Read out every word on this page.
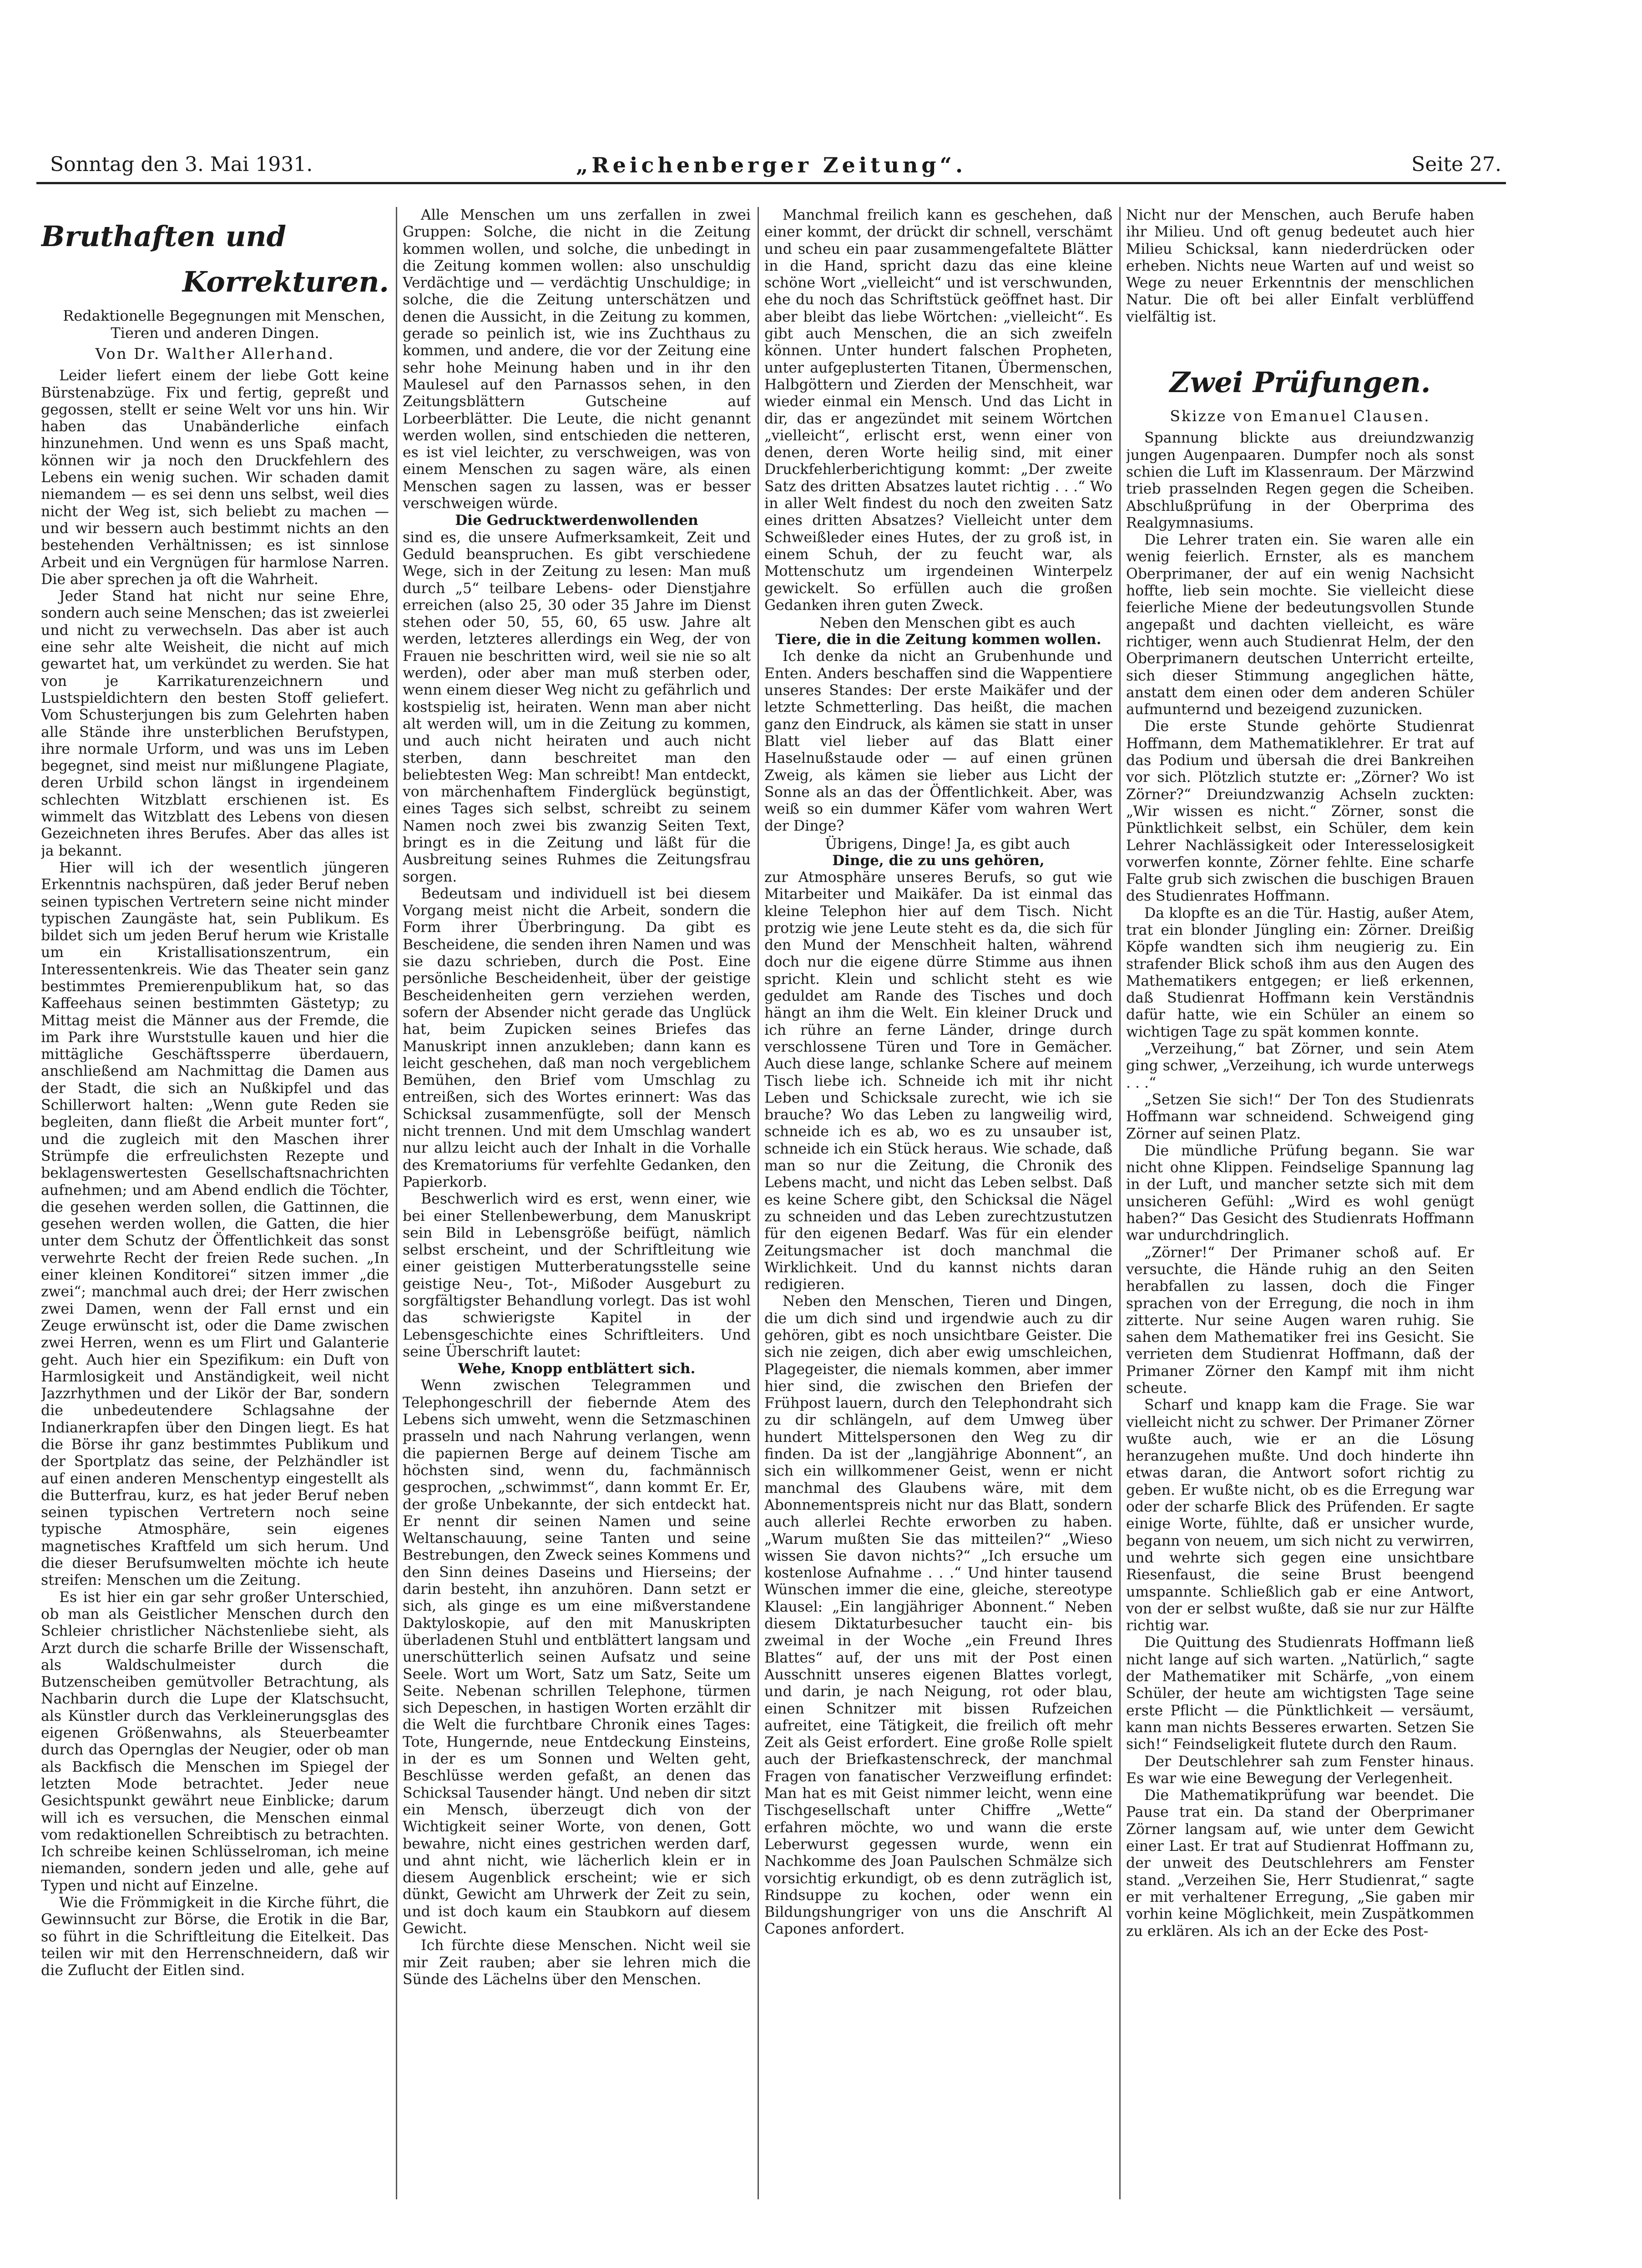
Sonntag den 3. Mai 1931.	„Reichenberger Zeitung“.	Seite 27.
Bruthaften und
Korrekturen.

Redaktionelle Begegnungen mit Menschen, Tieren und anderen Dingen.

Von Dr. Walther Allerhand.

Leider liefert einem der liebe Gott keine Bürstenabzüge. Fix und fertig, gepreßt und gegossen, stellt er seine Welt vor uns hin. Wir haben das Unabänderliche einfach hinzunehmen. Und wenn es uns Spaß macht, können wir ja noch den Druckfehlern des Lebens ein wenig suchen. Wir schaden damit niemandem — es sei denn uns selbst, weil dies nicht der Weg ist, sich beliebt zu machen — und wir bessern auch bestimmt nichts an den bestehenden Verhältnissen; es ist sinnlose Arbeit und ein Vergnügen für harmlose Narren. Die aber sprechen ja oft die Wahrheit.

Jeder Stand hat nicht nur seine Ehre, sondern auch seine Menschen; das ist zweierlei und nicht zu verwechseln. Das aber ist auch eine sehr alte Weisheit, die nicht auf mich gewartet hat, um verkündet zu werden. Sie hat von je Karrikaturenzeichnern und Lustspieldichtern den besten Stoff geliefert. Vom Schusterjungen bis zum Gelehrten haben alle Stände ihre unsterblichen Berufstypen, ihre normale Urform, und was uns im Leben begegnet, sind meist nur mißlungene Plagiate, deren Urbild schon längst in irgendeinem schlechten Witzblatt erschienen ist. Es wimmelt das Witzblatt des Lebens von diesen Gezeichneten ihres Berufes. Aber das alles ist ja bekannt.

Hier will ich der wesentlich jüngeren Erkenntnis nachspüren, daß jeder Beruf neben seinen typischen Vertretern seine nicht minder typischen Zaungäste hat, sein Publikum. Es bildet sich um jeden Beruf herum wie Kristalle um ein Kristallisationszentrum, ein Interessentenkreis. Wie das Theater sein ganz bestimmtes Premierenpublikum hat, so das Kaffeehaus seinen bestimmten Gästetyp; zu Mittag meist die Männer aus der Fremde, die im Park ihre Wurststulle kauen und hier die mittägliche Geschäftssperre überdauern, anschließend am Nachmittag die Damen aus der Stadt, die sich an Nußkipfel und das Schillerwort halten: „Wenn gute Reden sie begleiten, dann fließt die Arbeit munter fort“, und die zugleich mit den Maschen ihrer Strümpfe die erfreulichsten Rezepte und beklagenswertesten Gesellschaftsnachrichten aufnehmen; und am Abend endlich die Töchter, die gesehen werden sollen, die Gattinnen, die gesehen werden wollen, die Gatten, die hier unter dem Schutz der Öffentlichkeit das sonst verwehrte Recht der freien Rede suchen. „In einer kleinen Konditorei“ sitzen immer „die zwei“; manchmal auch drei; der Herr zwischen zwei Damen, wenn der Fall ernst und ein Zeuge erwünscht ist, oder die Dame zwischen zwei Herren, wenn es um Flirt und Galanterie geht. Auch hier ein Spezifikum: ein Duft von Harmlosigkeit und Anständigkeit, weil nicht Jazzrhythmen und der Likör der Bar, sondern die unbedeutendere Schlagsahne der Indianerkrapfen über den Dingen liegt. Es hat die Börse ihr ganz bestimmtes Publikum und der Sportplatz das seine, der Pelzhändler ist auf einen anderen Menschentyp eingestellt als die Butterfrau, kurz, es hat jeder Beruf neben seinen typischen Vertretern noch seine typische Atmosphäre, sein eigenes magnetisches Kraftfeld um sich herum. Und die dieser Berufsumwelten möchte ich heute streifen: Menschen um die Zeitung.

Es ist hier ein gar sehr großer Unterschied, ob man als Geistlicher Menschen durch den Schleier christlicher Nächstenliebe sieht, als Arzt durch die scharfe Brille der Wissenschaft, als Waldschulmeister durch die Butzenscheiben gemütvoller Betrachtung, als Nachbarin durch die Lupe der Klatschsucht, als Künstler durch das Verkleinerungsglas des eigenen Größenwahns, als Steuerbeamter durch das Opernglas der Neugier, oder ob man als Backfisch die Menschen im Spiegel der letzten Mode betrachtet. Jeder neue Gesichtspunkt gewährt neue Einblicke; darum will ich es versuchen, die Menschen einmal vom redaktionellen Schreibtisch zu betrachten. Ich schreibe keinen Schlüsselroman, ich meine niemanden, sondern jeden und alle, gehe auf Typen und nicht auf Einzelne.

Wie die Frömmigkeit in die Kirche führt, die Gewinnsucht zur Börse, die Erotik in die Bar, so führt in die Schriftleitung die Eitelkeit. Das teilen wir mit den Herrenschneidern, daß wir die Zuflucht der Eitlen sind.

Alle Menschen um uns zerfallen in zwei Gruppen: Solche, die nicht in die Zeitung kommen wollen, und solche, die unbedingt in die Zeitung kommen wollen: also unschuldig Verdächtige und — verdächtig Unschuldige; in solche, die die Zeitung unterschätzen und denen die Aussicht, in die Zeitung zu kommen, gerade so peinlich ist, wie ins Zuchthaus zu kommen, und andere, die vor der Zeitung eine sehr hohe Meinung haben und in ihr den Maulesel auf den Parnassos sehen, in den Zeitungsblättern Gutscheine auf Lorbeerblätter. Die Leute, die nicht genannt werden wollen, sind entschieden die netteren, es ist viel leichter, zu verschweigen, was von einem Menschen zu sagen wäre, als einen Menschen sagen zu lassen, was er besser verschweigen würde.

Die Gedrucktwerdenwollenden

sind es, die unsere Aufmerksamkeit, Zeit und Geduld beanspruchen. Es gibt verschiedene Wege, sich in der Zeitung zu lesen: Man muß durch „5“ teilbare Lebens- oder Dienstjahre erreichen (also 25, 30 oder 35 Jahre im Dienst stehen oder 50, 55, 60, 65 usw. Jahre alt werden, letzteres allerdings ein Weg, der von Frauen nie beschritten wird, weil sie nie so alt werden), oder aber man muß sterben oder, wenn einem dieser Weg nicht zu gefährlich und kostspielig ist, heiraten. Wenn man aber nicht alt werden will, um in die Zeitung zu kommen, und auch nicht heiraten und auch nicht sterben, dann beschreitet man den beliebtesten Weg: Man schreibt! Man entdeckt, von märchenhaftem Finderglück begünstigt, eines Tages sich selbst, schreibt zu seinem Namen noch zwei bis zwanzig Seiten Text, bringt es in die Zeitung und läßt für die Ausbreitung seines Ruhmes die Zeitungsfrau sorgen.

Bedeutsam und individuell ist bei diesem Vorgang meist nicht die Arbeit, sondern die Form ihrer Überbringung. Da gibt es Bescheidene, die senden ihren Namen und was sie dazu schrieben, durch die Post. Eine persönliche Bescheidenheit, über der geistige Bescheidenheiten gern verziehen werden, sofern der Absender nicht gerade das Unglück hat, beim Zupicken seines Briefes das Manuskript innen anzukleben; dann kann es leicht geschehen, daß man noch vergeblichem Bemühen, den Brief vom Umschlag zu entreißen, sich des Wortes erinnert: Was das Schicksal zusammenfügte, soll der Mensch nicht trennen. Und mit dem Umschlag wandert nur allzu leicht auch der Inhalt in die Vorhalle des Krematoriums für verfehlte Gedanken, den Papierkorb.

Beschwerlich wird es erst, wenn einer, wie bei einer Stellenbewerbung, dem Manuskript sein Bild in Lebensgröße beifügt, nämlich selbst erscheint, und der Schriftleitung wie einer geistigen Mutterberatungsstelle seine geistige Neu-, Tot-, Mißoder Ausgeburt zu sorgfältigster Behandlung vorlegt. Das ist wohl das schwierigste Kapitel in der Lebensgeschichte eines Schriftleiters. Und seine Überschrift lautet:

Wehe, Knopp entblättert sich.

Wenn zwischen Telegrammen und Telephongeschrill der fiebernde Atem des Lebens sich umweht, wenn die Setzmaschinen prasseln und nach Nahrung verlangen, wenn die papiernen Berge auf deinem Tische am höchsten sind, wenn du, fachmännisch gesprochen, „schwimmst“, dann kommt Er. Er, der große Unbekannte, der sich entdeckt hat. Er nennt dir seinen Namen und seine Weltanschauung, seine Tanten und seine Bestrebungen, den Zweck seines Kommens und den Sinn deines Daseins und Hierseins; der darin besteht, ihn anzuhören. Dann setzt er sich, als ginge es um eine mißverstandene Daktyloskopie, auf den mit Manuskripten überladenen Stuhl und entblättert langsam und unerschütterlich seinen Aufsatz und seine Seele. Wort um Wort, Satz um Satz, Seite um Seite. Nebenan schrillen Telephone, türmen sich Depeschen, in hastigen Worten erzählt dir die Welt die furchtbare Chronik eines Tages: Tote, Hungernde, neue Entdeckung Einsteins, in der es um Sonnen und Welten geht, Beschlüsse werden gefaßt, an denen das Schicksal Tausender hängt. Und neben dir sitzt ein Mensch, überzeugt dich von der Wichtigkeit seiner Worte, von denen, Gott bewahre, nicht eines gestrichen werden darf, und ahnt nicht, wie lächerlich klein er in diesem Augenblick erscheint; wie er sich dünkt, Gewicht am Uhrwerk der Zeit zu sein, und ist doch kaum ein Staubkorn auf diesem Gewicht.

Ich fürchte diese Menschen. Nicht weil sie mir Zeit rauben; aber sie lehren mich die Sünde des Lächelns über den Menschen.

Manchmal freilich kann es geschehen, daß einer kommt, der drückt dir schnell, verschämt und scheu ein paar zusammengefaltete Blätter in die Hand, spricht dazu das eine kleine schöne Wort „vielleicht“ und ist verschwunden, ehe du noch das Schriftstück geöffnet hast. Dir aber bleibt das liebe Wörtchen: „vielleicht“. Es gibt auch Menschen, die an sich zweifeln können. Unter hundert falschen Propheten, unter aufgeplusterten Titanen, Übermenschen, Halbgöttern und Zierden der Menschheit, war wieder einmal ein Mensch. Und das Licht in dir, das er angezündet mit seinem Wörtchen „vielleicht“, erlischt erst, wenn einer von denen, deren Worte heilig sind, mit einer Druckfehlerberichtigung kommt: „Der zweite Satz des dritten Absatzes lautet richtig . . .“ Wo in aller Welt findest du noch den zweiten Satz eines dritten Absatzes? Vielleicht unter dem Schweißleder eines Hutes, der zu groß ist, in einem Schuh, der zu feucht war, als Mottenschutz um irgendeinen Winterpelz gewickelt. So erfüllen auch die großen Gedanken ihren guten Zweck.

Neben den Menschen gibt es auch

Tiere, die in die Zeitung kommen wollen.

Ich denke da nicht an Grubenhunde und Enten. Anders beschaffen sind die Wappentiere unseres Standes: Der erste Maikäfer und der letzte Schmetterling. Das heißt, die machen ganz den Eindruck, als kämen sie statt in unser Blatt viel lieber auf das Blatt einer Haselnußstaude oder — auf einen grünen Zweig, als kämen sie lieber aus Licht der Sonne als an das der Öffentlichkeit. Aber, was weiß so ein dummer Käfer vom wahren Wert der Dinge?

Übrigens, Dinge! Ja, es gibt auch

Dinge, die zu uns gehören,

zur Atmosphäre unseres Berufs, so gut wie Mitarbeiter und Maikäfer. Da ist einmal das kleine Telephon hier auf dem Tisch. Nicht protzig wie jene Leute steht es da, die sich für den Mund der Menschheit halten, während doch nur die eigene dürre Stimme aus ihnen spricht. Klein und schlicht steht es wie geduldet am Rande des Tisches und doch hängt an ihm die Welt. Ein kleiner Druck und ich rühre an ferne Länder, dringe durch verschlossene Türen und Tore in Gemächer. Auch diese lange, schlanke Schere auf meinem Tisch liebe ich. Schneide ich mit ihr nicht Leben und Schicksale zurecht, wie ich sie brauche? Wo das Leben zu langweilig wird, schneide ich es ab, wo es zu unsauber ist, schneide ich ein Stück heraus. Wie schade, daß man so nur die Zeitung, die Chronik des Lebens macht, und nicht das Leben selbst. Daß es keine Schere gibt, den Schicksal die Nägel zu schneiden und das Leben zurechtzustutzen für den eigenen Bedarf. Was für ein elender Zeitungsmacher ist doch manchmal die Wirklichkeit. Und du kannst nichts daran redigieren.

Neben den Menschen, Tieren und Dingen, die um dich sind und irgendwie auch zu dir gehören, gibt es noch unsichtbare Geister. Die sich nie zeigen, dich aber ewig umschleichen, Plagegeister, die niemals kommen, aber immer hier sind, die zwischen den Briefen der Frühpost lauern, durch den Telephondraht sich zu dir schlängeln, auf dem Umweg über hundert Mittelspersonen den Weg zu dir finden. Da ist der „langjährige Abonnent“, an sich ein willkommener Geist, wenn er nicht manchmal des Glaubens wäre, mit dem Abonnementspreis nicht nur das Blatt, sondern auch allerlei Rechte erworben zu haben. „Warum mußten Sie das mitteilen?“ „Wieso wissen Sie davon nichts?“ „Ich ersuche um kostenlose Aufnahme . . .“ Und hinter tausend Wünschen immer die eine, gleiche, stereotype Klausel: „Ein langjähriger Abonnent.“ Neben diesem Diktaturbesucher taucht ein- bis zweimal in der Woche „ein Freund Ihres Blattes“ auf, der uns mit der Post einen Ausschnitt unseres eigenen Blattes vorlegt, und darin, je nach Neigung, rot oder blau, einen Schnitzer mit bissen Rufzeichen aufreitet, eine Tätigkeit, die freilich oft mehr Zeit als Geist erfordert. Eine große Rolle spielt auch der Briefkastenschreck, der manchmal Fragen von fanatischer Verzweiflung erfindet: Man hat es mit Geist nimmer leicht, wenn eine Tischgesellschaft unter Chiffre „Wette“ erfahren möchte, wo und wann die erste Leberwurst gegessen wurde, wenn ein Nachkomme des Joan Paulschen Schmälze sich vorsichtig erkundigt, ob es denn zuträglich ist, Rindsuppe zu kochen, oder wenn ein Bildungshungriger von uns die Anschrift Al Capones anfordert.

Nicht nur der Menschen, auch Berufe haben ihr Milieu. Und oft genug bedeutet auch hier Milieu Schicksal, kann niederdrücken oder erheben. Nichts neue Warten auf und weist so Wege zu neuer Erkenntnis der menschlichen Natur. Die oft bei aller Einfalt verblüffend vielfältig ist.

Zwei Prüfungen.
Skizze von Emanuel Clausen.

Spannung blickte aus dreiundzwanzig jungen Augenpaaren. Dumpfer noch als sonst schien die Luft im Klassenraum. Der Märzwind trieb prasselnden Regen gegen die Scheiben. Abschlußprüfung in der Oberprima des Realgymnasiums.

Die Lehrer traten ein. Sie waren alle ein wenig feierlich. Ernster, als es manchem Oberprimaner, der auf ein wenig Nachsicht hoffte, lieb sein mochte. Sie vielleicht diese feierliche Miene der bedeutungsvollen Stunde angepaßt und dachten vielleicht, es wäre richtiger, wenn auch Studienrat Helm, der den Oberprimanern deutschen Unterricht erteilte, sich dieser Stimmung angeglichen hätte, anstatt dem einen oder dem anderen Schüler aufmunternd und bezeigend zuzunicken.

Die erste Stunde gehörte Studienrat Hoffmann, dem Mathematiklehrer. Er trat auf das Podium und übersah die drei Bankreihen vor sich. Plötzlich stutzte er: „Zörner? Wo ist Zörner?“ Dreiundzwanzig Achseln zuckten: „Wir wissen es nicht.“ Zörner, sonst die Pünktlichkeit selbst, ein Schüler, dem kein Lehrer Nachlässigkeit oder Interesselosigkeit vorwerfen konnte, Zörner fehlte. Eine scharfe Falte grub sich zwischen die buschigen Brauen des Studienrates Hoffmann.

Da klopfte es an die Tür. Hastig, außer Atem, trat ein blonder Jüngling ein: Zörner. Dreißig Köpfe wandten sich ihm neugierig zu. Ein strafender Blick schoß ihm aus den Augen des Mathematikers entgegen; er ließ erkennen, daß Studienrat Hoffmann kein Verständnis dafür hatte, wie ein Schüler an einem so wichtigen Tage zu spät kommen konnte.

„Verzeihung,“ bat Zörner, und sein Atem ging schwer, „Verzeihung, ich wurde unterwegs . . .“

„Setzen Sie sich!“ Der Ton des Studienrats Hoffmann war schneidend. Schweigend ging Zörner auf seinen Platz.

Die mündliche Prüfung begann. Sie war nicht ohne Klippen. Feindselige Spannung lag in der Luft, und mancher setzte sich mit dem unsicheren Gefühl: „Wird es wohl genügt haben?“ Das Gesicht des Studienrats Hoffmann war undurchdringlich.

„Zörner!“ Der Primaner schoß auf. Er versuchte, die Hände ruhig an den Seiten herabfallen zu lassen, doch die Finger sprachen von der Erregung, die noch in ihm zitterte. Nur seine Augen waren ruhig. Sie sahen dem Mathematiker frei ins Gesicht. Sie verrieten dem Studienrat Hoffmann, daß der Primaner Zörner den Kampf mit ihm nicht scheute.

Scharf und knapp kam die Frage. Sie war vielleicht nicht zu schwer. Der Primaner Zörner wußte auch, wie er an die Lösung heranzugehen mußte. Und doch hinderte ihn etwas daran, die Antwort sofort richtig zu geben. Er wußte nicht, ob es die Erregung war oder der scharfe Blick des Prüfenden. Er sagte einige Worte, fühlte, daß er unsicher wurde, begann von neuem, um sich nicht zu verwirren, und wehrte sich gegen eine unsichtbare Riesenfaust, die seine Brust beengend umspannte. Schließlich gab er eine Antwort, von der er selbst wußte, daß sie nur zur Hälfte richtig war.

Die Quittung des Studienrats Hoffmann ließ nicht lange auf sich warten. „Natürlich,“ sagte der Mathematiker mit Schärfe, „von einem Schüler, der heute am wichtigsten Tage seine erste Pflicht — die Pünktlichkeit — versäumt, kann man nichts Besseres erwarten. Setzen Sie sich!“ Feindseligkeit flutete durch den Raum.

Der Deutschlehrer sah zum Fenster hinaus. Es war wie eine Bewegung der Verlegenheit.

Die Mathematikprüfung war beendet. Die Pause trat ein. Da stand der Oberprimaner Zörner langsam auf, wie unter dem Gewicht einer Last. Er trat auf Studienrat Hoffmann zu, der unweit des Deutschlehrers am Fenster stand. „Verzeihen Sie, Herr Studienrat,“ sagte er mit verhaltener Erregung, „Sie gaben mir vorhin keine Möglichkeit, mein Zuspätkommen zu erklären. Als ich an der Ecke des Post-
